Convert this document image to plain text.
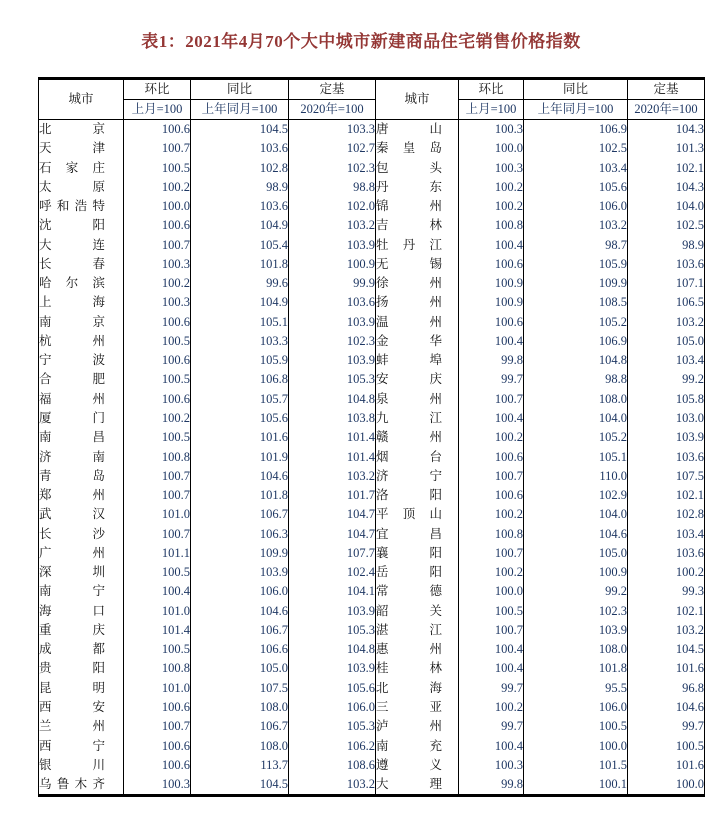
表1：2021年4月70个大中城市新建商品住宅销售价格指数
城市	环比	同比	定基	城市	环比	同比	定基
	上月=100	上年同月=100	2020年=100		上月=100	上年同月=100	2020年=100
北京	100.6	104.5	103.3	唐山	100.3	106.9	104.3
天津	100.7	103.6	102.7	秦皇岛	100.0	102.5	101.3
石家庄	100.5	102.8	102.3	包头	100.3	103.4	102.1
太原	100.2	98.9	98.8	丹东	100.2	105.6	104.3
呼和浩特	100.0	103.6	102.0	锦州	100.2	106.0	104.0
沈阳	100.6	104.9	103.2	吉林	100.8	103.2	102.5
大连	100.7	105.4	103.9	牡丹江	100.4	98.7	98.9
长春	100.3	101.8	100.9	无锡	100.6	105.9	103.6
哈尔滨	100.2	99.6	99.9	徐州	100.9	109.9	107.1
上海	100.3	104.9	103.6	扬州	100.9	108.5	106.5
南京	100.6	105.1	103.9	温州	100.6	105.2	103.2
杭州	100.5	103.3	102.3	金华	100.4	106.9	105.0
宁波	100.6	105.9	103.9	蚌埠	99.8	104.8	103.4
合肥	100.5	106.8	105.3	安庆	99.7	98.8	99.2
福州	100.6	105.7	104.8	泉州	100.7	108.0	105.8
厦门	100.2	105.6	103.8	九江	100.4	104.0	103.0
南昌	100.5	101.6	101.4	赣州	100.2	105.2	103.9
济南	100.8	101.9	101.4	烟台	100.6	105.1	103.6
青岛	100.7	104.6	103.2	济宁	100.7	110.0	107.5
郑州	100.7	101.8	101.7	洛阳	100.6	102.9	102.1
武汉	101.0	106.7	104.7	平顶山	100.2	104.0	102.8
长沙	100.7	106.3	104.7	宜昌	100.8	104.6	103.4
广州	101.1	109.9	107.7	襄阳	100.7	105.0	103.6
深圳	100.5	103.9	102.4	岳阳	100.2	100.9	100.2
南宁	100.4	106.0	104.1	常德	100.0	99.2	99.3
海口	101.0	104.6	103.9	韶关	100.5	102.3	102.1
重庆	101.4	106.7	105.3	湛江	100.7	103.9	103.2
成都	100.5	106.6	104.8	惠州	100.4	108.0	104.5
贵阳	100.8	105.0	103.9	桂林	100.4	101.8	101.6
昆明	101.0	107.5	105.6	北海	99.7	95.5	96.8
西安	100.6	108.0	106.0	三亚	100.2	106.0	104.6
兰州	100.7	106.7	105.3	泸州	99.7	100.5	99.7
西宁	100.6	108.0	106.2	南充	100.4	100.0	100.5
银川	100.6	113.7	108.6	遵义	100.3	101.5	101.6
乌鲁木齐	100.3	104.5	103.2	大理	99.8	100.1	100.0
